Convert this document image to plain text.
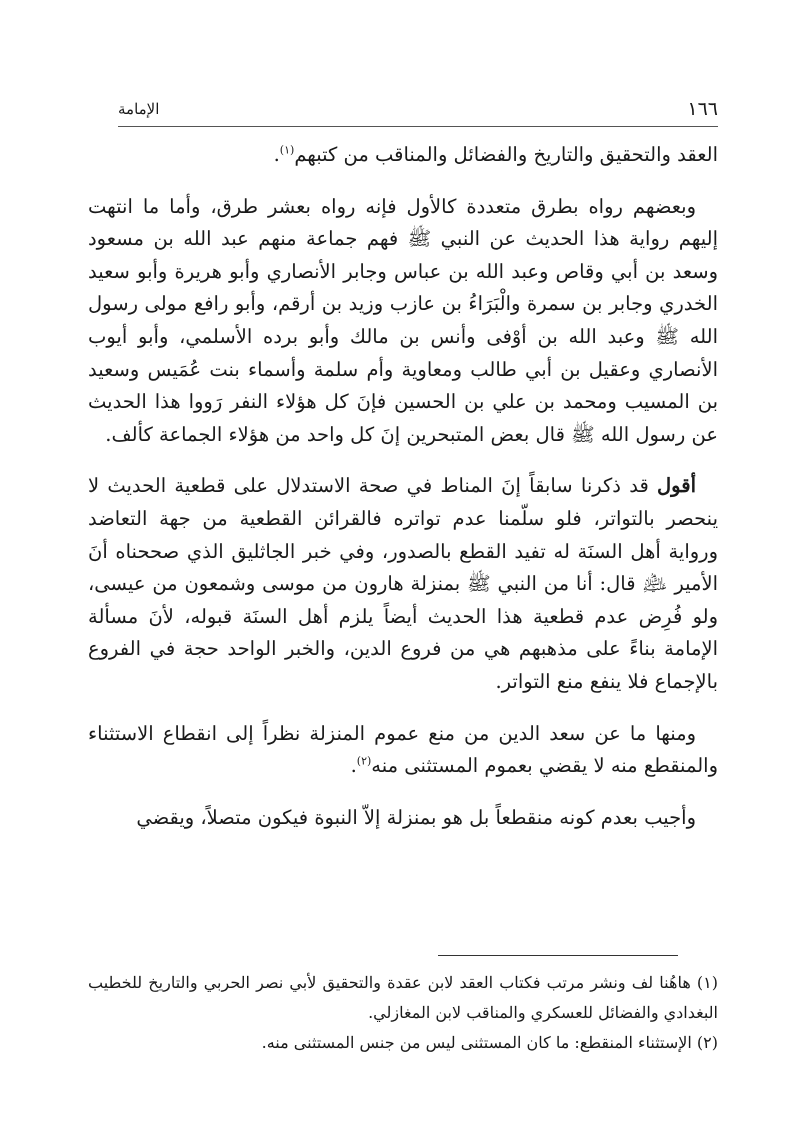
١٦٦
الإمامة

العقد والتحقيق والتاريخ والفضائل والمناقب من كتبهم$^{(١)}$.

وبعضهم رواه بطرق متعددة كالأول فإنه رواه بعشر طرق، وأما ما انتهت إليهم رواية هذا الحديث عن النبي ﷺ فهم جماعة منهم عبد الله بن مسعود وسعد بن أبي وقاص وعبد الله بن عباس وجابر الأنصاري وأبو هريرة وأبو سعيد الخدري وجابر بن سمرة والْبَرَاءُ بن عازب وزيد بن أرقم، وأبو رافع مولى رسول الله ﷺ وعبد الله بن أوْفى وأنس بن مالك وأبو برده الأسلمي، وأبو أيوب الأنصاري وعقيل بن أبي طالب ومعاوية وأم سلمة وأسماء بنت عُمَيس وسعيد بن المسيب ومحمد بن علي بن الحسين فإنَ كل هؤلاء النفر رَووا هذا الحديث عن رسول الله ﷺ قال بعض المتبحرين إنَ كل واحد من هؤلاء الجماعة كألف.

أقول قد ذكرنا سابقاً إنَ المناط في صحة الاستدلال على قطعية الحديث لا ينحصر بالتواتر، فلو سلّمنا عدم تواتره فالقرائن القطعية من جهة التعاضد ورواية أهل السنَة له تفيد القطع بالصدور، وفي خبر الجاثليق الذي صححناه أنَ الأمير ﵇ قال: أنا من النبي ﷺ بمنزلة هارون من موسى وشمعون من عيسى، ولو فُرِض عدم قطعية هذا الحديث أيضاً يلزم أهل السنَة قبوله، لأنَ مسألة الإمامة بناءً على مذهبهم هي من فروع الدين، والخبر الواحد حجة في الفروع بالإجماع فلا ينفع منع التواتر.

ومنها ما عن سعد الدين من منع عموم المنزلة نظراً إلى انقطاع الاستثناء والمنقطع منه لا يقضي بعموم المستثنى منه$^{(٢)}$.

وأجيب بعدم كونه منقطعاً بل هو بمنزلة إلاّ النبوة فيكون متصلاً، ويقضي

(١) هاهُنا لف ونشر مرتب فكتاب العقد لابن عقدة والتحقيق لأبي نصر الحربي والتاريخ للخطيب البغدادي والفضائل للعسكري والمناقب لابن المغازلي.

(٢) الإستثناء المنقطع: ما كان المستثنى ليس من جنس المستثنى منه.
